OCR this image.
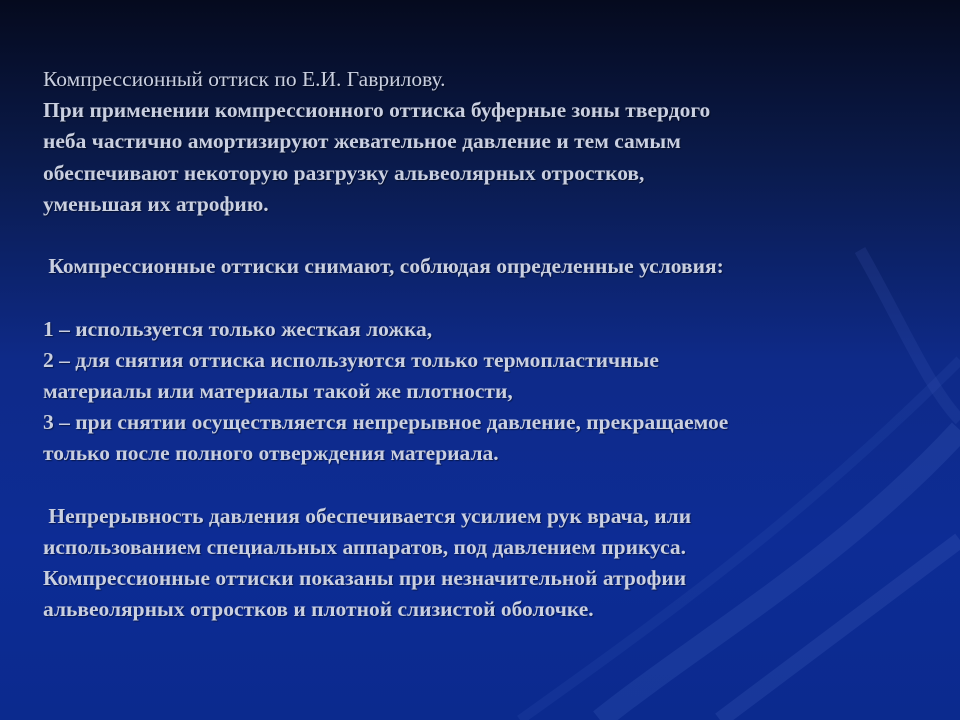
Компрессионный оттиск по Е.И. Гаврилову.

При применении компрессионного оттиска буферные зоны твердого

неба частично амортизируют жевательное давление и тем самым

обеспечивают некоторую разгрузку альвеолярных отростков,

уменьшая их атрофию.

Компрессионные оттиски снимают, соблюдая определенные условия:

1 – используется только жесткая ложка,

2 – для снятия оттиска используются только термопластичные

материалы или материалы такой же плотности,

3 – при снятии осуществляется непрерывное давление, прекращаемое

только после полного отверждения материала.

Непрерывность давления обеспечивается усилием рук врача, или

использованием специальных аппаратов, под давлением прикуса.

Компрессионные оттиски показаны при незначительной атрофии

альвеолярных отростков и плотной слизистой оболочке.
